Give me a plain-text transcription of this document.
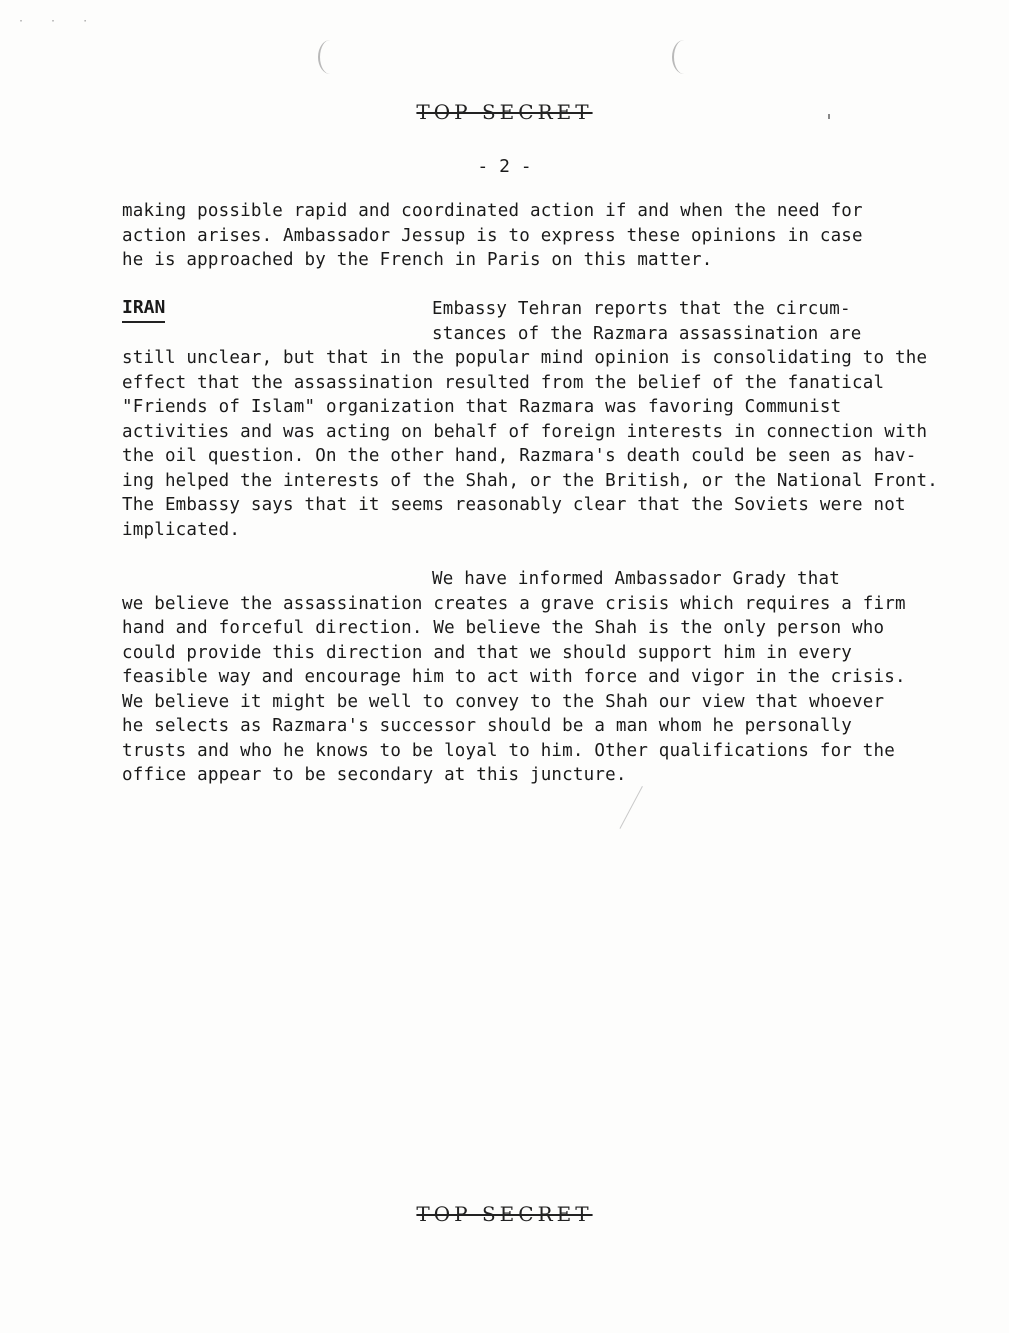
· · ·
TOP SECRET
- 2 -

making possible rapid and coordinated action if and when the need for
action arises. Ambassador Jessup is to express these opinions in case
he is approached by the French in Paris on this matter.

IRAN	Embassy Tehran reports that the circum-
stances of the Razmara assassination are
still unclear, but that in the popular mind opinion is consolidating to the
effect that the assassination resulted from the belief of the fanatical
"Friends of Islam" organization that Razmara was favoring Communist
activities and was acting on behalf of foreign interests in connection with
the oil question. On the other hand, Razmara's death could be seen as hav-
ing helped the interests of the Shah, or the British, or the National Front.
The Embassy says that it seems reasonably clear that the Soviets were not
implicated.

We have informed Ambassador Grady that
we believe the assassination creates a grave crisis which requires a firm
hand and forceful direction. We believe the Shah is the only person who
could provide this direction and that we should support him in every
feasible way and encourage him to act with force and vigor in the crisis.
We believe it might be well to convey to the Shah our view that whoever
he selects as Razmara's successor should be a man whom he personally
trusts and who he knows to be loyal to him. Other qualifications for the
office appear to be secondary at this juncture.

TOP SECRET
